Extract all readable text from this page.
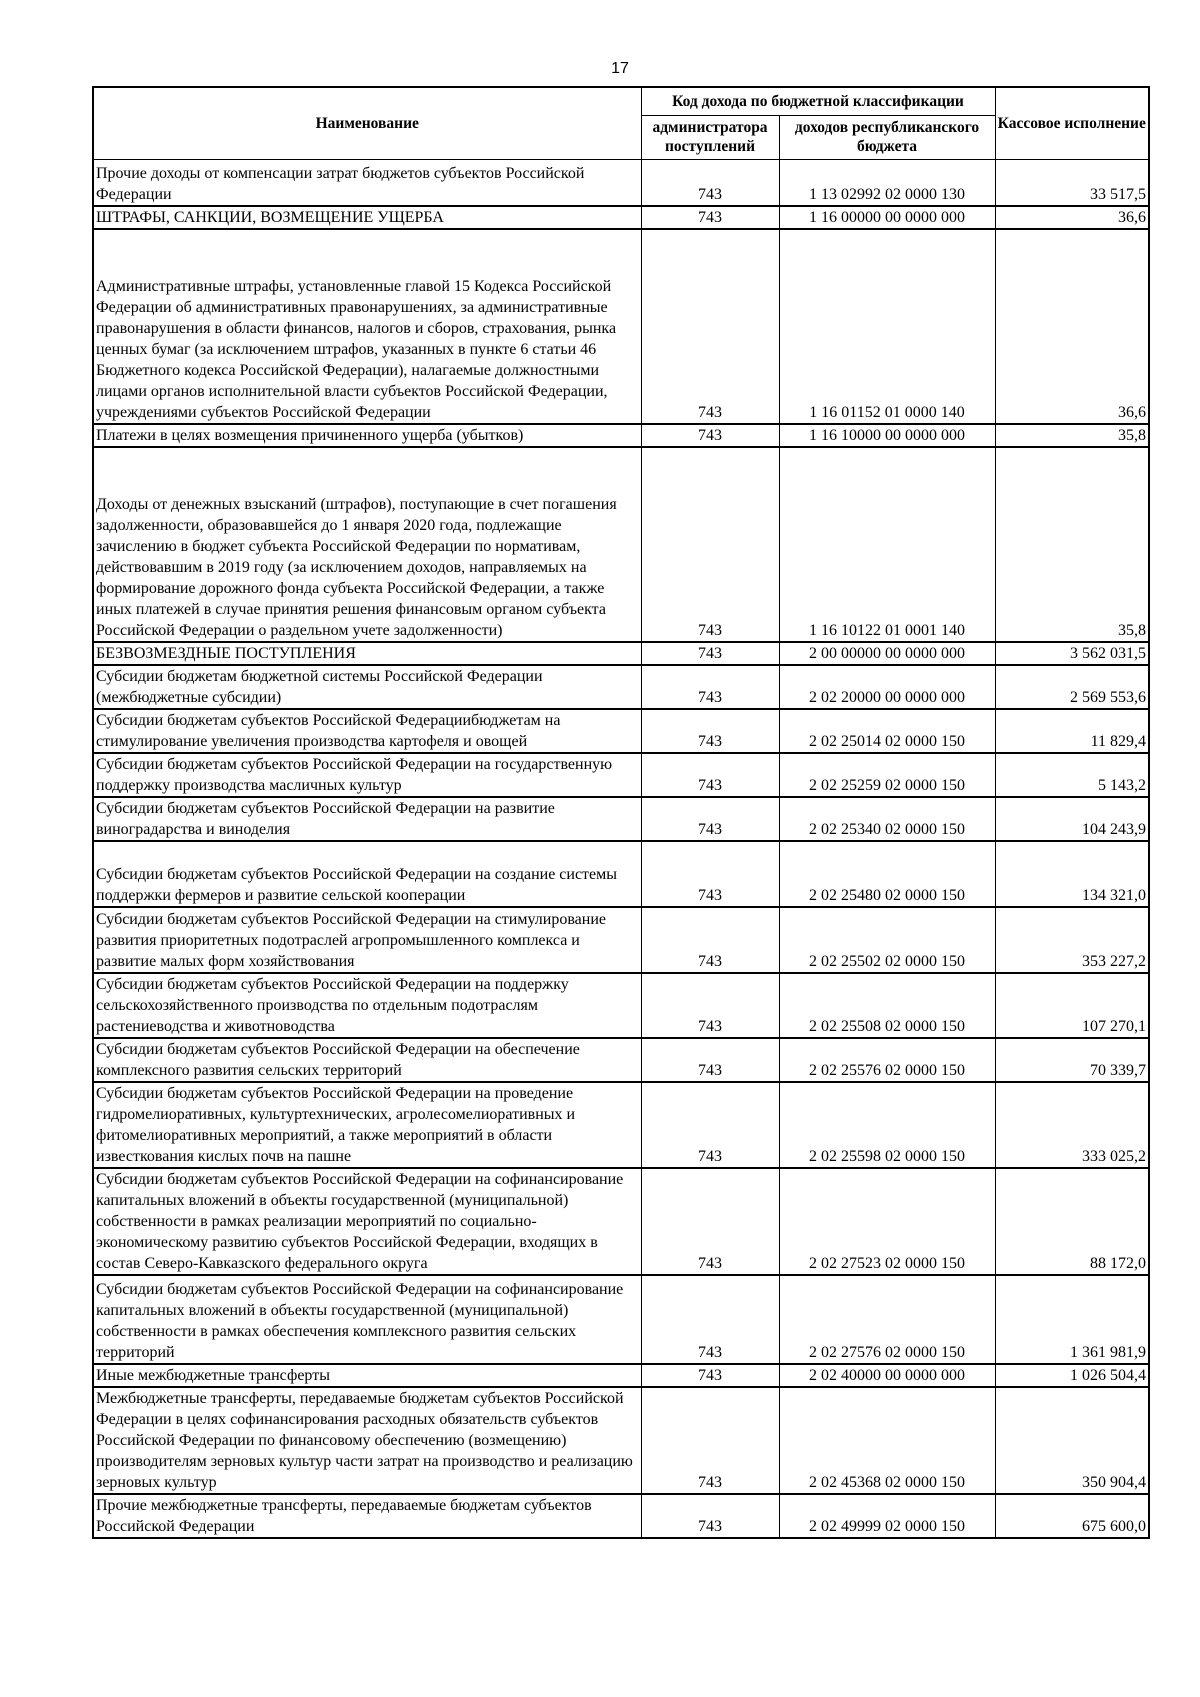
17
Наименование	Код дохода по бюджетной классификации		Кассовое исполнение
	администратора поступлений	доходов республиканского бюджета	
Прочие доходы от компенсации затрат бюджетов субъектов Российской Федерации	743	1 13 02992 02 0000 130	33 517,5
ШТРАФЫ, САНКЦИИ, ВОЗМЕЩЕНИЕ УЩЕРБА	743	1 16 00000 00 0000 000	36,6
Административные штрафы, установленные главой 15 Кодекса Российской Федерации об административных правонарушениях, за административные правонарушения в области финансов, налогов и сборов, страхования, рынка ценных бумаг (за исключением штрафов, указанных в пункте 6 статьи 46 Бюджетного кодекса Российской Федерации), налагаемые должностными лицами органов исполнительной власти субъектов Российской Федерации, учреждениями субъектов Российской Федерации	743	1 16 01152 01 0000 140	36,6
Платежи в целях возмещения причиненного ущерба (убытков)	743	1 16 10000 00 0000 000	35,8
Доходы от денежных взысканий (штрафов), поступающие в счет погашения задолженности, образовавшейся до 1 января 2020 года, подлежащие зачислению в бюджет субъекта Российской Федерации по нормативам, действовавшим в 2019 году (за исключением доходов, направляемых на формирование дорожного фонда субъекта Российской Федерации, а также иных платежей в случае принятия решения финансовым органом субъекта Российской Федерации о раздельном учете задолженности)	743	1 16 10122 01 0001 140	35,8
БЕЗВОЗМЕЗДНЫЕ ПОСТУПЛЕНИЯ	743	2 00 00000 00 0000 000	3 562 031,5
Субсидии бюджетам бюджетной системы Российской Федерации (межбюджетные субсидии)	743	2 02 20000 00 0000 000	2 569 553,6
Субсидии бюджетам субъектов Российской Федерациибюджетам на стимулирование увеличения производства картофеля и овощей	743	2 02 25014 02 0000 150	11 829,4
Субсидии бюджетам субъектов Российской Федерации на государственную поддержку производства масличных культур	743	2 02 25259 02 0000 150	5 143,2
Субсидии бюджетам субъектов Российской Федерации на развитие виноградарства и виноделия	743	2 02 25340 02 0000 150	104 243,9
Субсидии бюджетам субъектов Российской Федерации на создание системы поддержки фермеров и развитие сельской кооперации	743	2 02 25480 02 0000 150	134 321,0
Субсидии бюджетам субъектов Российской Федерации на стимулирование развития приоритетных подотраслей агропромышленного комплекса и развитие малых форм хозяйствования	743	2 02 25502 02 0000 150	353 227,2
Субсидии бюджетам субъектов Российской Федерации на поддержку сельскохозяйственного производства по отдельным подотраслям растениеводства и животноводства	743	2 02 25508 02 0000 150	107 270,1
Субсидии бюджетам субъектов Российской Федерации на обеспечение комплексного развития сельских территорий	743	2 02 25576 02 0000 150	70 339,7
Субсидии бюджетам субъектов Российской Федерации на проведение гидромелиоративных, культуртехнических, агролесомелиоративных и фитомелиоративных мероприятий, а также мероприятий в области известкования кислых почв на пашне	743	2 02 25598 02 0000 150	333 025,2
Субсидии бюджетам субъектов Российской Федерации на софинансирование капитальных вложений в объекты государственной (муниципальной) собственности в рамках реализации мероприятий по социально-экономическому развитию субъектов Российской Федерации, входящих в состав Северо-Кавказского федерального округа	743	2 02 27523 02 0000 150	88 172,0
Субсидии бюджетам субъектов Российской Федерации на софинансирование капитальных вложений в объекты государственной (муниципальной) собственности в рамках обеспечения комплексного развития сельских территорий	743	2 02 27576 02 0000 150	1 361 981,9
Иные межбюджетные трансферты	743	2 02 40000 00 0000 000	1 026 504,4
Межбюджетные трансферты, передаваемые бюджетам субъектов Российской Федерации в целях софинансирования расходных обязательств субъектов Российской Федерации по финансовому обеспечению (возмещению) производителям зерновых культур части затрат на производство и реализацию зерновых культур	743	2 02 45368 02 0000 150	350 904,4
Прочие межбюджетные трансферты, передаваемые бюджетам субъектов Российской Федерации	743	2 02 49999 02 0000 150	675 600,0
